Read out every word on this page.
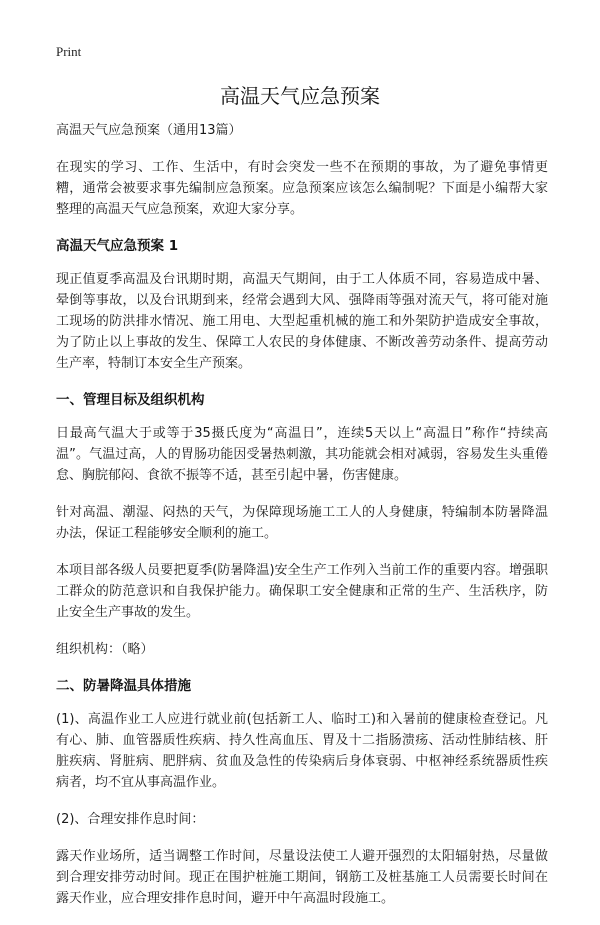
Print
高温天气应急预案

高温天气应急预案（通用13篇）

在现实的学习、工作、生活中，有时会突发一些不在预期的事故，为了避免事情更糟，通常会被要求事先编制应急预案。应急预案应该怎么编制呢？下面是小编帮大家整理的高温天气应急预案，欢迎大家分享。

高温天气应急预案 1

现正值夏季高温及台讯期时期，高温天气期间，由于工人体质不同，容易造成中暑、晕倒等事故，以及台讯期到来，经常会遇到大风、强降雨等强对流天气，将可能对施工现场的防洪排水情况、施工用电、大型起重机械的施工和外架防护造成安全事故，为了防止以上事故的发生、保障工人农民的身体健康、不断改善劳动条件、提高劳动生产率，特制订本安全生产预案。

一、管理目标及组织机构

日最高气温大于或等于35摄氏度为“高温日”，连续5天以上“高温日”称作“持续高温”。气温过高，人的胃肠功能因受暑热刺激，其功能就会相对减弱，容易发生头重倦怠、胸脘郁闷、食欲不振等不适，甚至引起中暑，伤害健康。

针对高温、潮湿、闷热的天气，为保障现场施工工人的人身健康，特编制本防暑降温办法，保证工程能够安全顺利的施工。

本项目部各级人员要把夏季(防暑降温)安全生产工作列入当前工作的重要内容。增强职工群众的防范意识和自我保护能力。确保职工安全健康和正常的生产、生活秩序，防止安全生产事故的发生。

组织机构：（略）

二、防暑降温具体措施

(1)、高温作业工人应进行就业前(包括新工人、临时工)和入暑前的健康检查登记。凡有心、肺、血管器质性疾病、持久性高血压、胃及十二指肠溃疡、活动性肺结核、肝脏疾病、肾脏病、肥胖病、贫血及急性的传染病后身体衰弱、中枢神经系统器质性疾病者，均不宜从事高温作业。

(2)、合理安排作息时间：

露天作业场所，适当调整工作时间，尽量设法使工人避开强烈的太阳辐射热，尽量做到合理安排劳动时间。现正在围护桩施工期间，钢筋工及桩基施工人员需要长时间在露天作业，应合理安排作息时间，避开中午高温时段施工。
